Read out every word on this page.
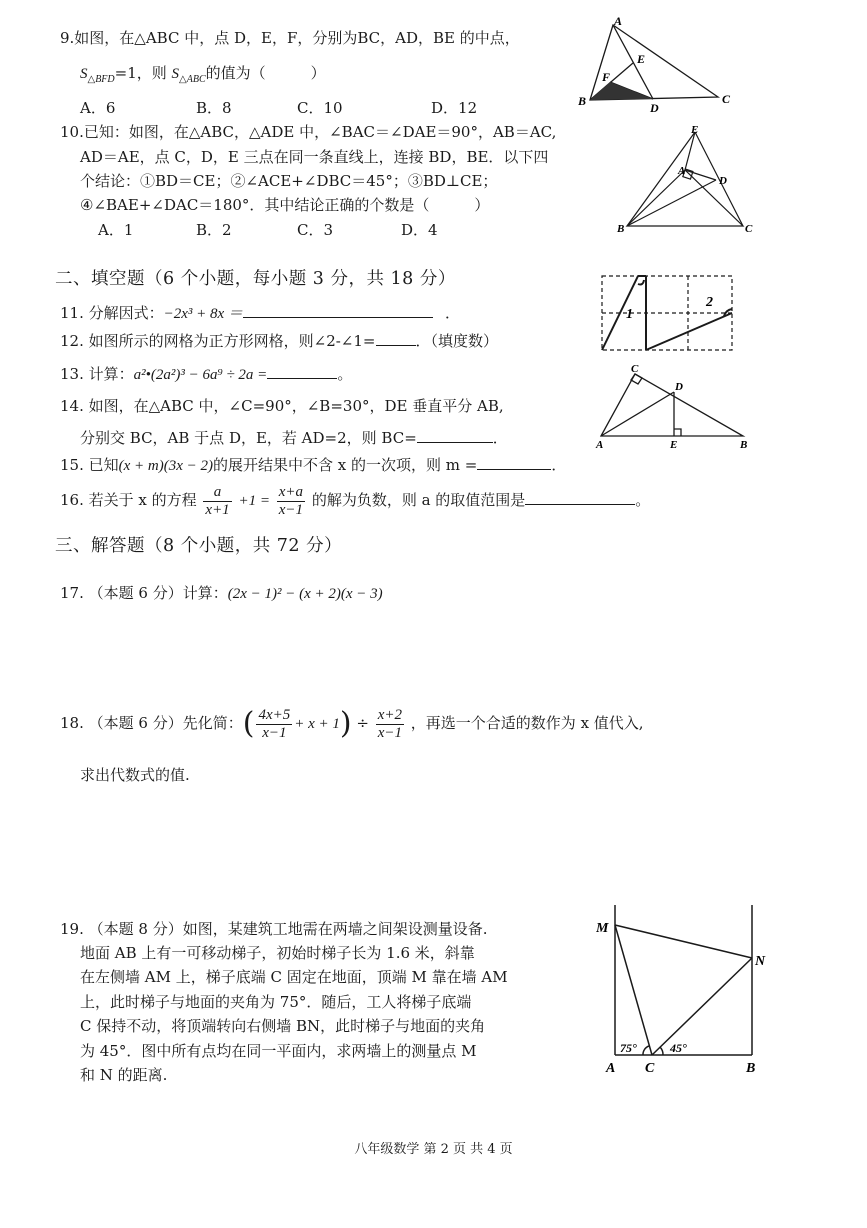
9.如图，在△ABC 中，点 D，E，F，分别为BC，AD，BE 的中点，
$S_{\triangle BFD}=1$，则 $S_{\triangle ABC}$的值为（　　　）
A．6	B．8	C．10	D．12
A
B	C
D
E
F
10.已知：如图，在△ABC，△ADE 中，∠BAC＝∠DAE＝90°，AB＝AC,
AD＝AE，点 C，D，E 三点在同一条直线上，连接 BD，BE．以下四
个结论：①BD＝CE；②∠ACE+∠DBC＝45°；③BD⊥CE；
④∠BAE+∠DAC＝180°．其中结论正确的个数是（　　　）
A．1	B．2	C．3	D．4
E
A
D
B	C
二、填空题（6 个小题，每小题 3 分，共 18 分）
11. 分解因式：−2x³ + 8x ＝	．
12. 如图所示的网格为正方形网格，则∠2-∠1=	．（填度数）
1
2
13. 计算：a²•(2a²)³ − 6a⁹ ÷ 2a =	。
14. 如图，在△ABC 中，∠C=90°，∠B=30°，DE 垂直平分 AB,
分别交 BC，AB 于点 D，E，若 AD=2，则 BC=	．
C
D
A	E	B
15. 已知(x + m)(3x − 2)的展开结果中不含 x 的一次项，则 m =	．
16. 若关于 x 的方程 $\frac{a}{x+1} +1 = \frac{x+a}{x-1}$ 的解为负数，则 a 的取值范围是	。
三、解答题（8 个小题，共 72 分）
17. （本题 6 分）计算：(2x − 1)² − (x + 2)(x − 3)
18. （本题 6 分）先化简：( $\frac{4x+5}{x-1} + x + 1) \div \frac{x+2}{x-1}$ ，再选一个合适的数作为 x 值代入,
求出代数式的值.
19. （本题 8 分）如图，某建筑工地需在两墙之间架设测量设备.
地面 AB 上有一可移动梯子，初始时梯子长为 1.6 米，斜靠
在左侧墙 AM 上，梯子底端 C 固定在地面，顶端 M 靠在墙 AM
上，此时梯子与地面的夹角为 75°．随后，工人将梯子底端
C 保持不动，将顶端转向右侧墙 BN，此时梯子与地面的夹角
为 45°．图中所有点均在同一平面内，求两墙上的测量点 M
和 N 的距离.
M
N
A C	B
75°	45°
八年级数学 第 2 页 共 4 页
